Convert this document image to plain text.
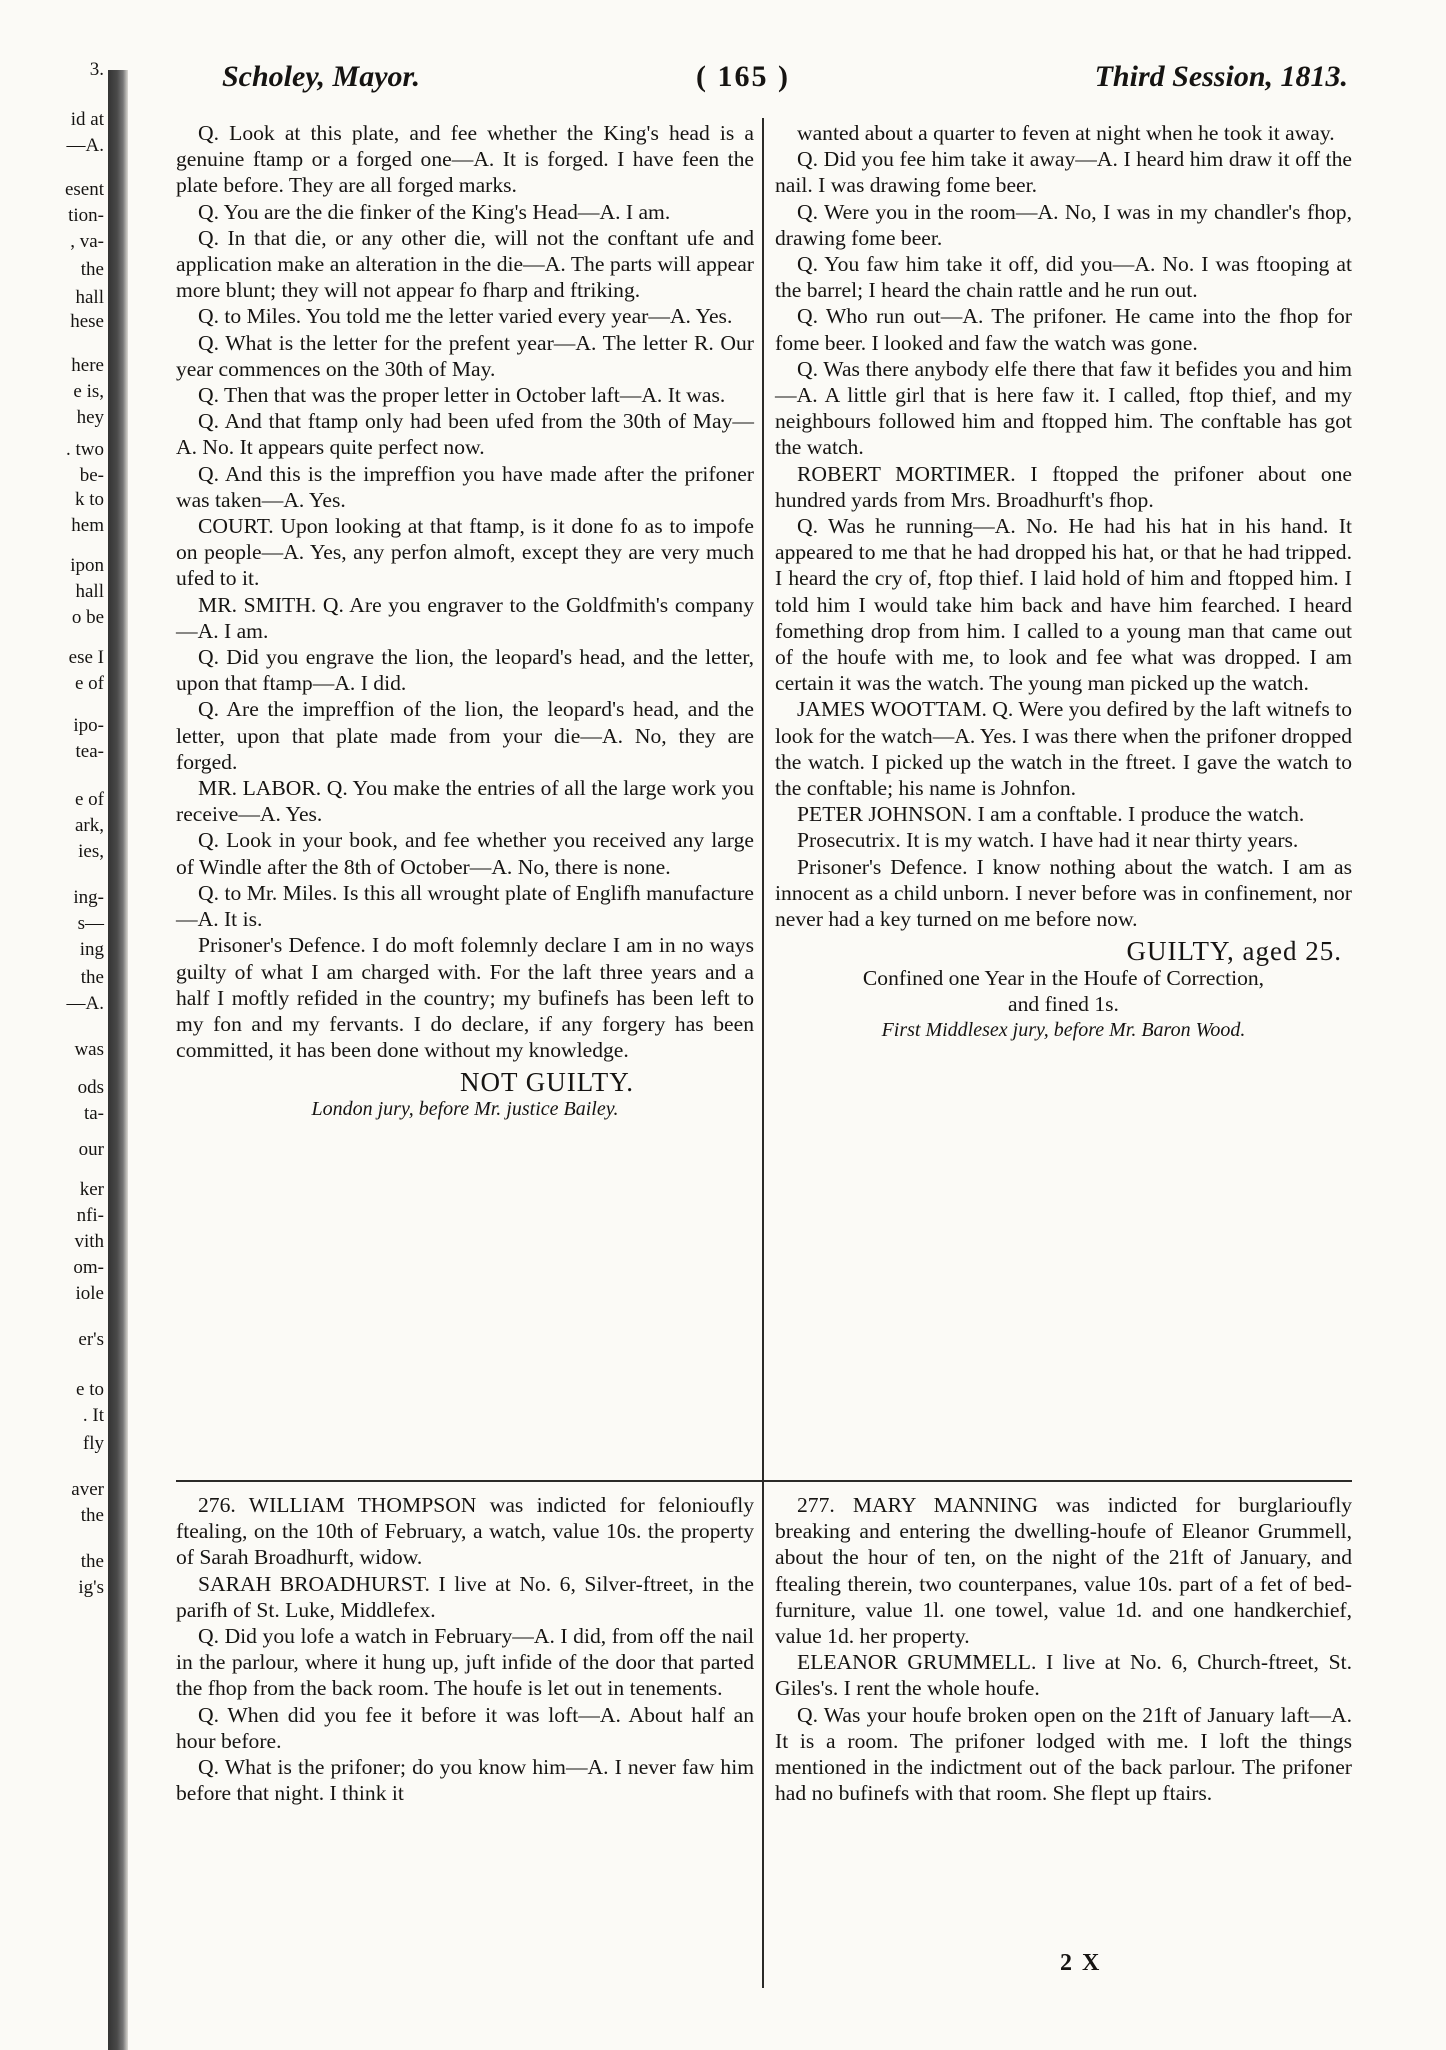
3.
id at
—A.
esent
tion-
, va-
the
hall
hese
here
e is,
hey
. two
be-
k to
hem
ipon
hall
o be
ese I
e of
ipo-
tea-
e of
ark,
ies,
ing-
s—
ing
the
—A.
was
ods
ta-
our
ker
nfi-
vith
om-
iole
er's
e to
. It
fly
aver
the
the
ig's
Scholey, Mayor.	( 165 )	Third Session, 1813.

Q. Look at this plate, and fee whether the King's head is a genuine ftamp or a forged one—A. It is forged. I have feen the plate before. They are all forged marks.

Q. You are the die finker of the King's Head—A. I am.

Q. In that die, or any other die, will not the conftant ufe and application make an alteration in the die—A. The parts will appear more blunt; they will not appear fo fharp and ftriking.

Q. to Miles. You told me the letter varied every year—A. Yes.

Q. What is the letter for the prefent year—A. The letter R. Our year commences on the 30th of May.

Q. Then that was the proper letter in October laft—A. It was.

Q. And that ftamp only had been ufed from the 30th of May—A. No. It appears quite perfect now.

Q. And this is the impreffion you have made after the prifoner was taken—A. Yes.

COURT. Upon looking at that ftamp, is it done fo as to impofe on people—A. Yes, any perfon almoft, except they are very much ufed to it.

MR. SMITH. Q. Are you engraver to the Goldfmith's company—A. I am.

Q. Did you engrave the lion, the leopard's head, and the letter, upon that ftamp—A. I did.

Q. Are the impreffion of the lion, the leopard's head, and the letter, upon that plate made from your die—A. No, they are forged.

MR. LABOR. Q. You make the entries of all the large work you receive—A. Yes.

Q. Look in your book, and fee whether you received any large of Windle after the 8th of October—A. No, there is none.

Q. to Mr. Miles. Is this all wrought plate of Englifh manufacture—A. It is.

Prisoner's Defence. I do moft folemnly declare I am in no ways guilty of what I am charged with. For the laft three years and a half I moftly refided in the country; my bufinefs has been left to my fon and my fervants. I do declare, if any forgery has been committed, it has been done without my knowledge.

NOT GUILTY.

London jury, before Mr. justice Bailey.

wanted about a quarter to feven at night when he took it away.

Q. Did you fee him take it away—A. I heard him draw it off the nail. I was drawing fome beer.

Q. Were you in the room—A. No, I was in my chandler's fhop, drawing fome beer.

Q. You faw him take it off, did you—A. No. I was ftooping at the barrel; I heard the chain rattle and he run out.

Q. Who run out—A. The prifoner. He came into the fhop for fome beer. I looked and faw the watch was gone.

Q. Was there anybody elfe there that faw it befides you and him—A. A little girl that is here faw it. I called, ftop thief, and my neighbours followed him and ftopped him. The conftable has got the watch.

ROBERT MORTIMER. I ftopped the prifoner about one hundred yards from Mrs. Broadhurft's fhop.

Q. Was he running—A. No. He had his hat in his hand. It appeared to me that he had dropped his hat, or that he had tripped. I heard the cry of, ftop thief. I laid hold of him and ftopped him. I told him I would take him back and have him fearched. I heard fomething drop from him. I called to a young man that came out of the houfe with me, to look and fee what was dropped. I am certain it was the watch. The young man picked up the watch.

JAMES WOOTTAM. Q. Were you defired by the laft witnefs to look for the watch—A. Yes. I was there when the prifoner dropped the watch. I picked up the watch in the ftreet. I gave the watch to the conftable; his name is Johnfon.

PETER JOHNSON. I am a conftable. I produce the watch.

Prosecutrix. It is my watch. I have had it near thirty years.

Prisoner's Defence. I know nothing about the watch. I am as innocent as a child unborn. I never before was in confinement, nor never had a key turned on me before now.

GUILTY, aged 25.

Confined one Year in the Houfe of Correction,

and fined 1s.

First Middlesex jury, before Mr. Baron Wood.

276. WILLIAM THOMPSON was indicted for felonioufly ftealing, on the 10th of February, a watch, value 10s. the property of Sarah Broadhurft, widow.

SARAH BROADHURST. I live at No. 6, Silver-ftreet, in the parifh of St. Luke, Middlefex.

Q. Did you lofe a watch in February—A. I did, from off the nail in the parlour, where it hung up, juft infide of the door that parted the fhop from the back room. The houfe is let out in tenements.

Q. When did you fee it before it was loft—A. About half an hour before.

Q. What is the prifoner; do you know him—A. I never faw him before that night. I think it

277. MARY MANNING was indicted for burglarioufly breaking and entering the dwelling-houfe of Eleanor Grummell, about the hour of ten, on the night of the 21ft of January, and ftealing therein, two counterpanes, value 10s. part of a fet of bed-furniture, value 1l. one towel, value 1d. and one handkerchief, value 1d. her property.

ELEANOR GRUMMELL. I live at No. 6, Church-ftreet, St. Giles's. I rent the whole houfe.

Q. Was your houfe broken open on the 21ft of January laft—A. It is a room. The prifoner lodged with me. I loft the things mentioned in the indictment out of the back parlour. The prifoner had no bufinefs with that room. She flept up ftairs.

2 X
